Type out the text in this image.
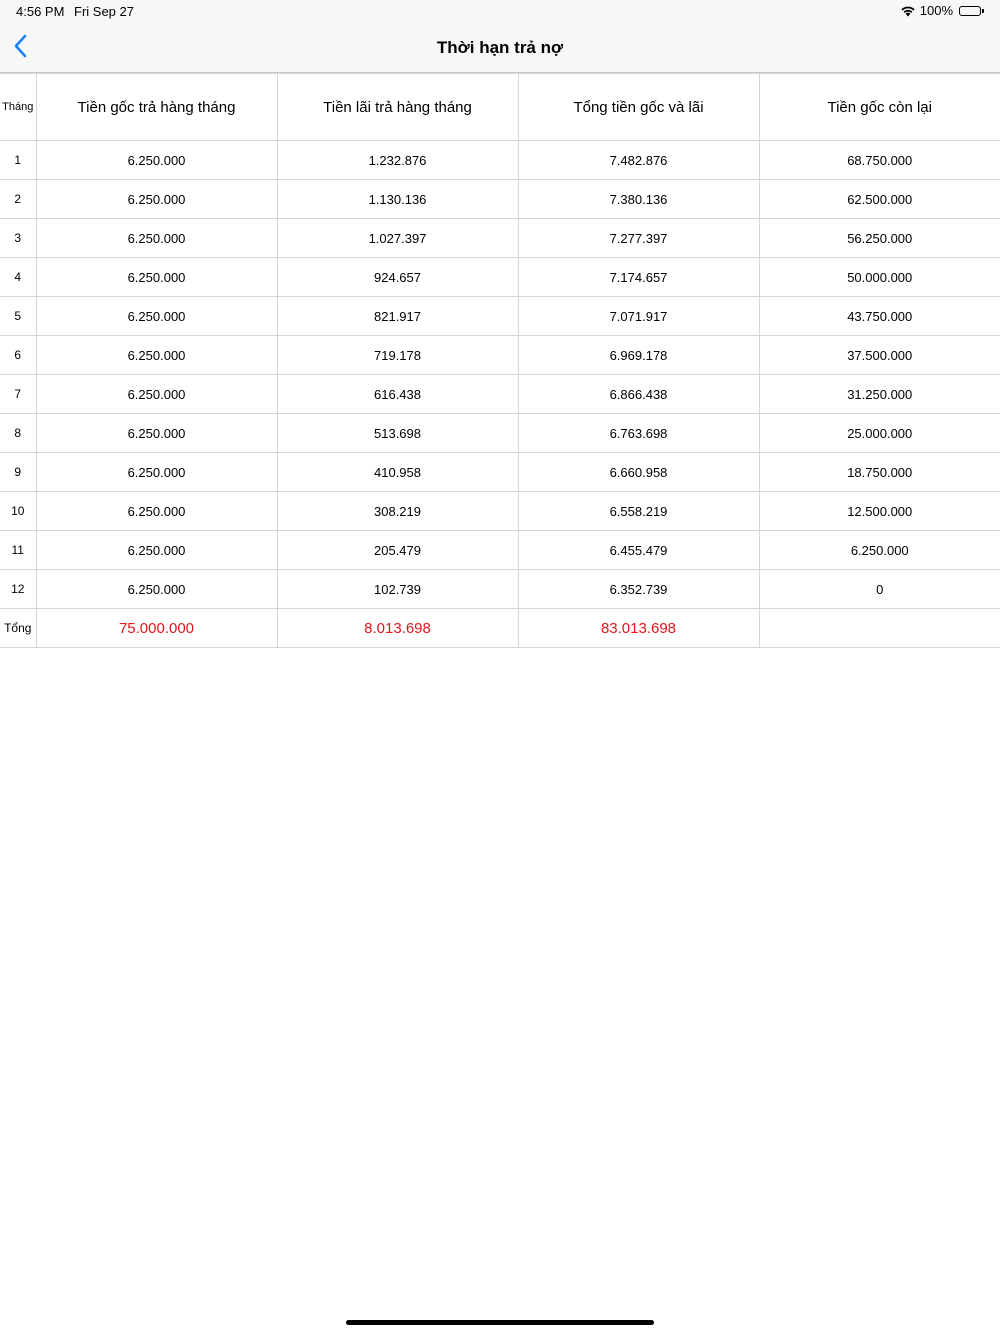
4:56 PM Fri Sep 27	100%
Thời hạn trả nợ
Tháng	Tiền gốc trả hàng tháng	Tiền lãi trả hàng tháng	Tổng tiền gốc và lãi	Tiền gốc còn lại
1	6.250.000	1.232.876	7.482.876	68.750.000
2	6.250.000	1.130.136	7.380.136	62.500.000
3	6.250.000	1.027.397	7.277.397	56.250.000
4	6.250.000	924.657	7.174.657	50.000.000
5	6.250.000	821.917	7.071.917	43.750.000
6	6.250.000	719.178	6.969.178	37.500.000
7	6.250.000	616.438	6.866.438	31.250.000
8	6.250.000	513.698	6.763.698	25.000.000
9	6.250.000	410.958	6.660.958	18.750.000
10	6.250.000	308.219	6.558.219	12.500.000
11	6.250.000	205.479	6.455.479	6.250.000
12	6.250.000	102.739	6.352.739	0
Tổng	75.000.000	8.013.698	83.013.698	
